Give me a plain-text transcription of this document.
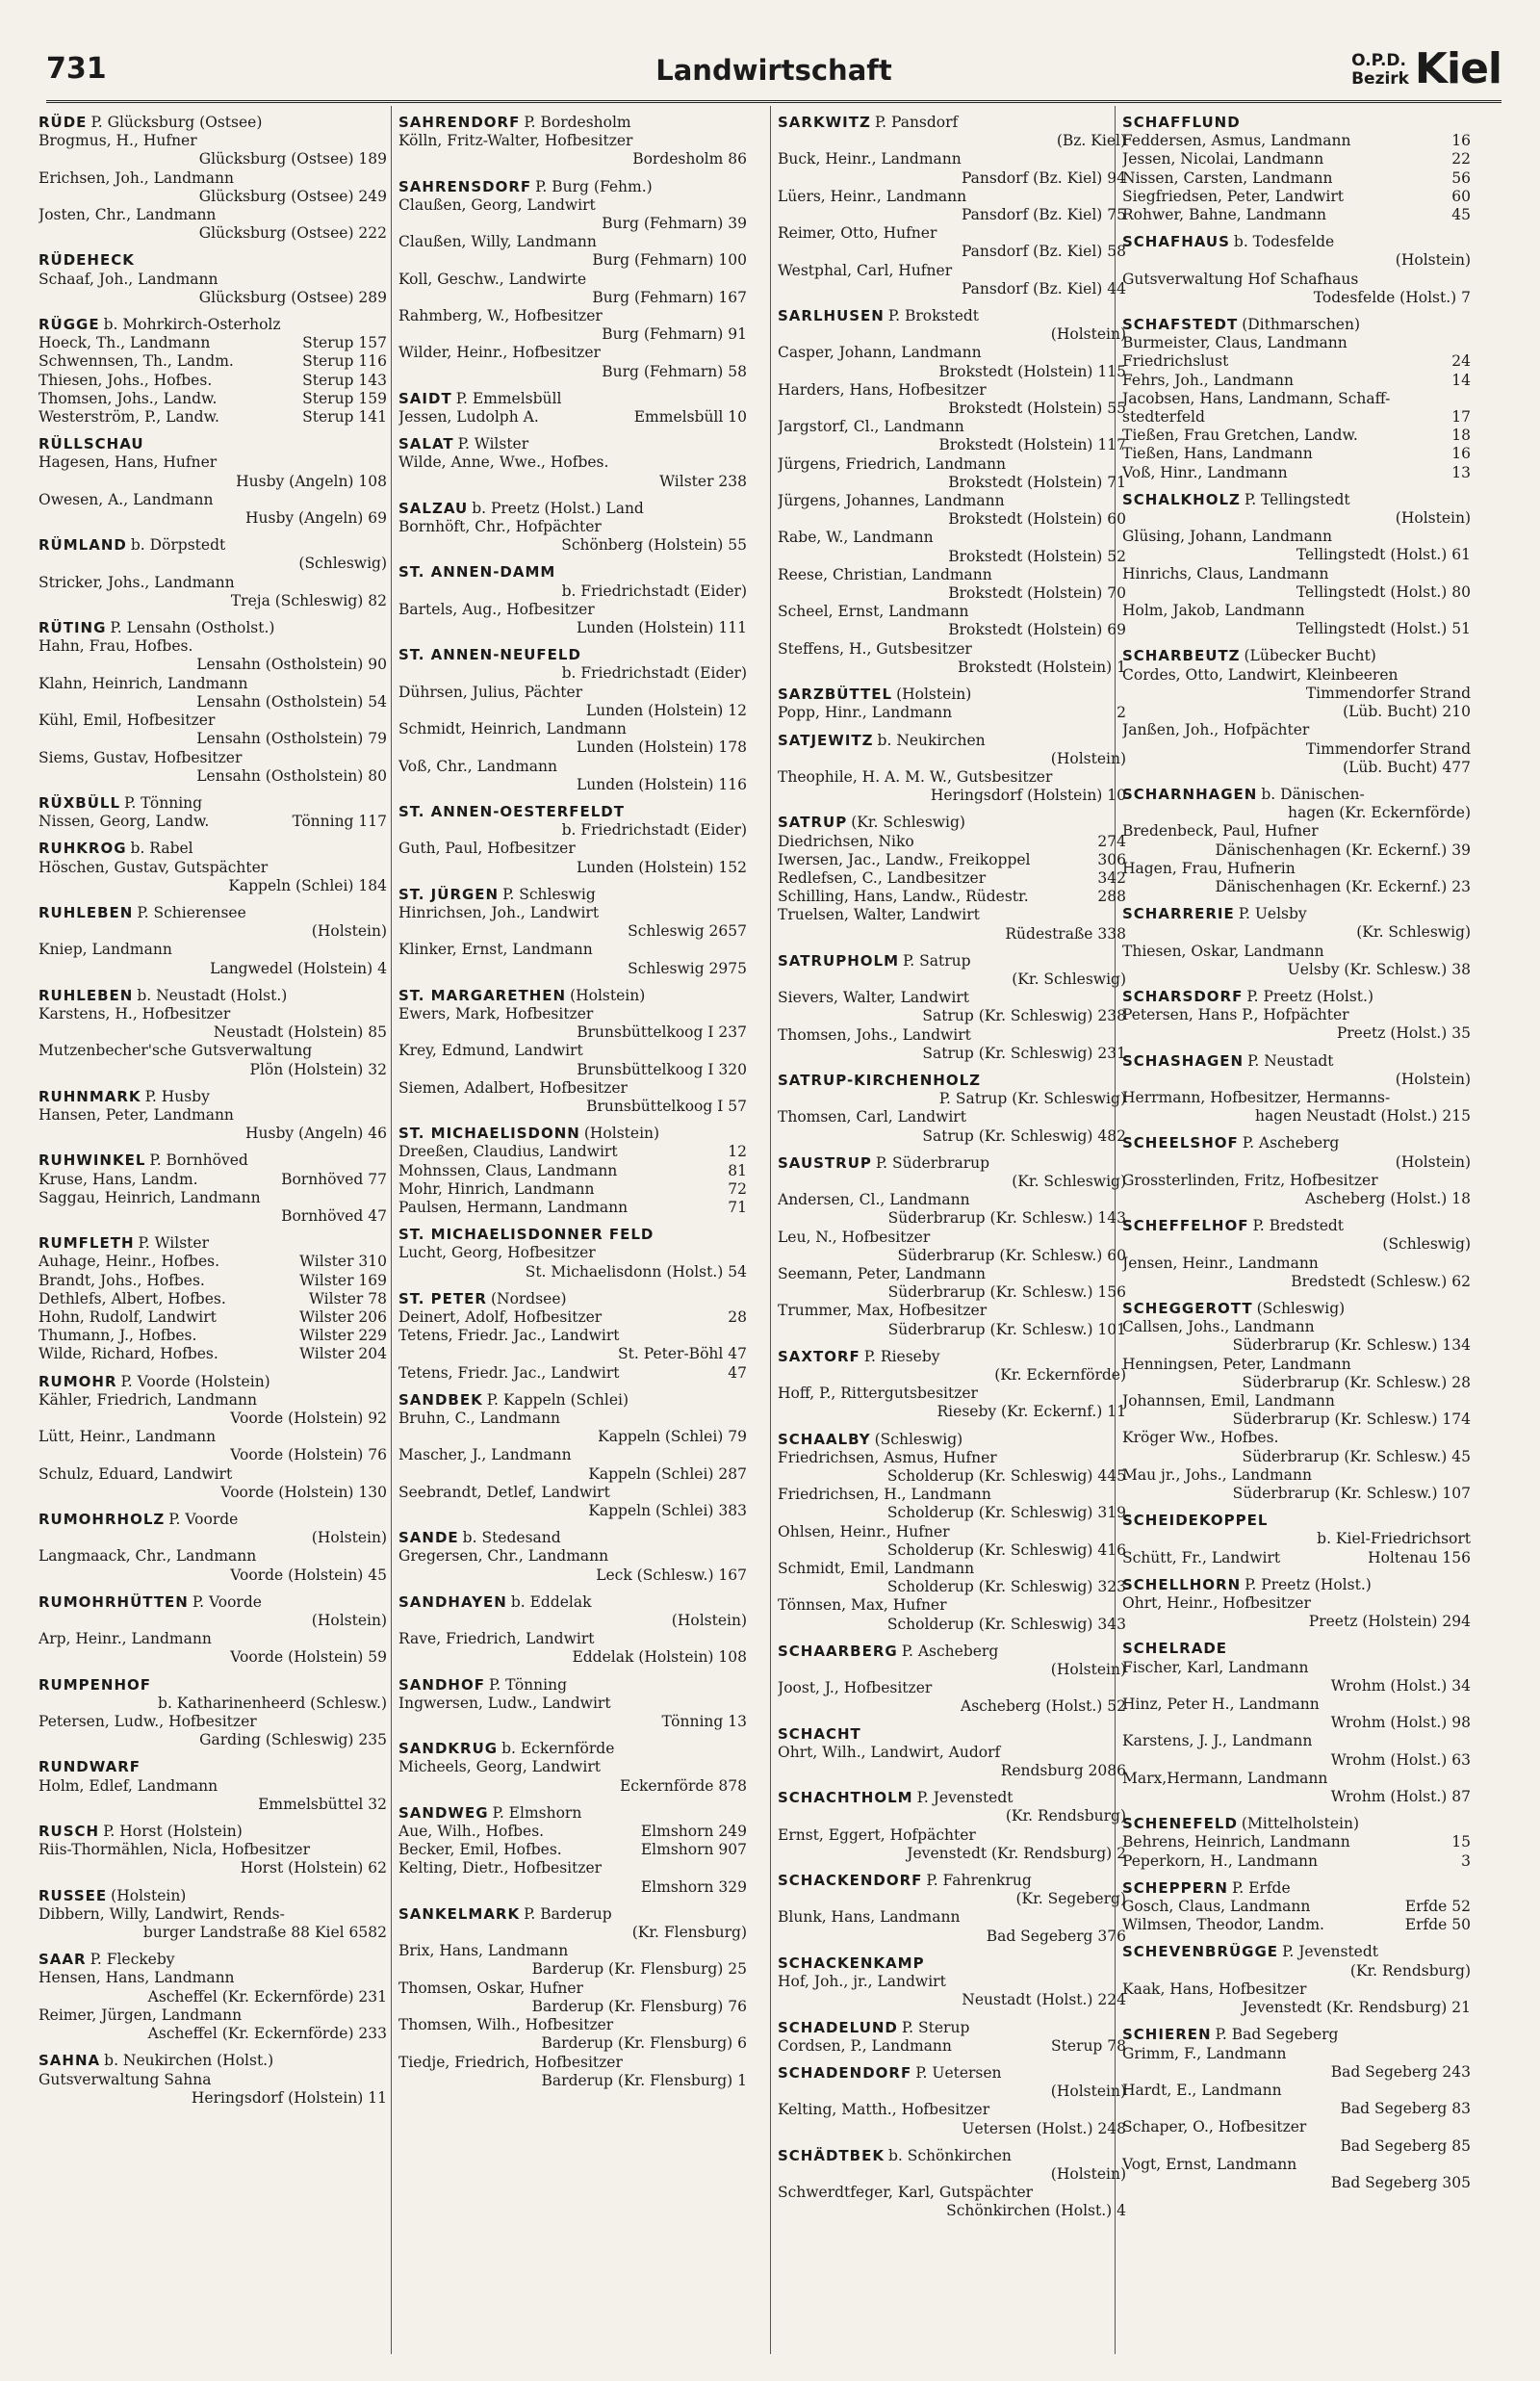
731	Landwirtschaft	O.P.D.
Bezirk Kiel
RÜDE P. Glücksburg (Ostsee)
Brogmus, H., Hufner
Glücksburg (Ostsee) 189
Erichsen, Joh., Landmann
Glücksburg (Ostsee) 249
Josten, Chr., Landmann
Glücksburg (Ostsee) 222
RÜDEHECK
Schaaf, Joh., Landmann
Glücksburg (Ostsee) 289
RÜGGE b. Mohrkirch-Osterholz
Hoeck, Th., Landmann	Sterup 157
Schwennsen, Th., Landm.	Sterup 116
Thiesen, Johs., Hofbes.	Sterup 143
Thomsen, Johs., Landw.	Sterup 159
Westerström, P., Landw.	Sterup 141
RÜLLSCHAU
Hagesen, Hans, Hufner
Husby (Angeln) 108
Owesen, A., Landmann
Husby (Angeln) 69
RÜMLAND b. Dörpstedt
(Schleswig)
Stricker, Johs., Landmann
Treja (Schleswig) 82
RÜTING P. Lensahn (Ostholst.)
Hahn, Frau, Hofbes.
Lensahn (Ostholstein) 90
Klahn, Heinrich, Landmann
Lensahn (Ostholstein) 54
Kühl, Emil, Hofbesitzer
Lensahn (Ostholstein) 79
Siems, Gustav, Hofbesitzer
Lensahn (Ostholstein) 80
RÜXBÜLL P. Tönning
Nissen, Georg, Landw.	Tönning 117
RUHKROG b. Rabel
Höschen, Gustav, Gutspächter
Kappeln (Schlei) 184
RUHLEBEN P. Schierensee
(Holstein)
Kniep, Landmann
Langwedel (Holstein) 4
RUHLEBEN b. Neustadt (Holst.)
Karstens, H., Hofbesitzer
Neustadt (Holstein) 85
Mutzenbecher'sche Gutsverwaltung
Plön (Holstein) 32
RUHNMARK P. Husby
Hansen, Peter, Landmann
Husby (Angeln) 46
RUHWINKEL P. Bornhöved
Kruse, Hans, Landm.	Bornhöved 77
Saggau, Heinrich, Landmann
Bornhöved 47
RUMFLETH P. Wilster
Auhage, Heinr., Hofbes.	Wilster 310
Brandt, Johs., Hofbes.	Wilster 169
Dethlefs, Albert, Hofbes.	Wilster 78
Hohn, Rudolf, Landwirt	Wilster 206
Thumann, J., Hofbes.	Wilster 229
Wilde, Richard, Hofbes.	Wilster 204
RUMOHR P. Voorde (Holstein)
Kähler, Friedrich, Landmann
Voorde (Holstein) 92
Lütt, Heinr., Landmann
Voorde (Holstein) 76
Schulz, Eduard, Landwirt
Voorde (Holstein) 130
RUMOHRHOLZ P. Voorde
(Holstein)
Langmaack, Chr., Landmann
Voorde (Holstein) 45
RUMOHRHÜTTEN P. Voorde
(Holstein)
Arp, Heinr., Landmann
Voorde (Holstein) 59
RUMPENHOF
b. Katharinenheerd (Schlesw.)
Petersen, Ludw., Hofbesitzer
Garding (Schleswig) 235
RUNDWARF
Holm, Edlef, Landmann
Emmelsbüttel 32
RUSCH P. Horst (Holstein)
Riis-Thormählen, Nicla, Hofbesitzer
Horst (Holstein) 62
RUSSEE (Holstein)
Dibbern, Willy, Landwirt, Rends-
burger Landstraße 88 Kiel 6582
SAAR P. Fleckeby
Hensen, Hans, Landmann
Ascheffel (Kr. Eckernförde) 231
Reimer, Jürgen, Landmann
Ascheffel (Kr. Eckernförde) 233
SAHNA b. Neukirchen (Holst.)
Gutsverwaltung Sahna
Heringsdorf (Holstein) 11
SAHRENDORF P. Bordesholm
Kölln, Fritz-Walter, Hofbesitzer
Bordesholm 86
SAHRENSDORF P. Burg (Fehm.)
Claußen, Georg, Landwirt
Burg (Fehmarn) 39
Claußen, Willy, Landmann
Burg (Fehmarn) 100
Koll, Geschw., Landwirte
Burg (Fehmarn) 167
Rahmberg, W., Hofbesitzer
Burg (Fehmarn) 91
Wilder, Heinr., Hofbesitzer
Burg (Fehmarn) 58
SAIDT P. Emmelsbüll
Jessen, Ludolph A.	Emmelsbüll 10
SALAT P. Wilster
Wilde, Anne, Wwe., Hofbes.
Wilster 238
SALZAU b. Preetz (Holst.) Land
Bornhöft, Chr., Hofpächter
Schönberg (Holstein) 55
ST. ANNEN-DAMM
b. Friedrichstadt (Eider)
Bartels, Aug., Hofbesitzer
Lunden (Holstein) 111
ST. ANNEN-NEUFELD
b. Friedrichstadt (Eider)
Dührsen, Julius, Pächter
Lunden (Holstein) 12
Schmidt, Heinrich, Landmann
Lunden (Holstein) 178
Voß, Chr., Landmann
Lunden (Holstein) 116
ST. ANNEN-OESTERFELDT
b. Friedrichstadt (Eider)
Guth, Paul, Hofbesitzer
Lunden (Holstein) 152
ST. JÜRGEN P. Schleswig
Hinrichsen, Joh., Landwirt
Schleswig 2657
Klinker, Ernst, Landmann
Schleswig 2975
ST. MARGARETHEN (Holstein)
Ewers, Mark, Hofbesitzer
Brunsbüttelkoog I 237
Krey, Edmund, Landwirt
Brunsbüttelkoog I 320
Siemen, Adalbert, Hofbesitzer
Brunsbüttelkoog I 57
ST. MICHAELISDONN (Holstein)
Dreeßen, Claudius, Landwirt	12
Mohnssen, Claus, Landmann	81
Mohr, Hinrich, Landmann	72
Paulsen, Hermann, Landmann	71
ST. MICHAELISDONNER FELD
Lucht, Georg, Hofbesitzer
St. Michaelisdonn (Holst.) 54
ST. PETER (Nordsee)
Deinert, Adolf, Hofbesitzer	28
Tetens, Friedr. Jac., Landwirt
St. Peter-Böhl 47
Tetens, Friedr. Jac., Landwirt	47
SANDBEK P. Kappeln (Schlei)
Bruhn, C., Landmann
Kappeln (Schlei) 79
Mascher, J., Landmann
Kappeln (Schlei) 287
Seebrandt, Detlef, Landwirt
Kappeln (Schlei) 383
SANDE b. Stedesand
Gregersen, Chr., Landmann
Leck (Schlesw.) 167
SANDHAYEN b. Eddelak
(Holstein)
Rave, Friedrich, Landwirt
Eddelak (Holstein) 108
SANDHOF P. Tönning
Ingwersen, Ludw., Landwirt
Tönning 13
SANDKRUG b. Eckernförde
Micheels, Georg, Landwirt
Eckernförde 878
SANDWEG P. Elmshorn
Aue, Wilh., Hofbes.	Elmshorn 249
Becker, Emil, Hofbes.	Elmshorn 907
Kelting, Dietr., Hofbesitzer
Elmshorn 329
SANKELMARK P. Barderup
(Kr. Flensburg)
Brix, Hans, Landmann
Barderup (Kr. Flensburg) 25
Thomsen, Oskar, Hufner
Barderup (Kr. Flensburg) 76
Thomsen, Wilh., Hofbesitzer
Barderup (Kr. Flensburg) 6
Tiedje, Friedrich, Hofbesitzer
Barderup (Kr. Flensburg) 1
SARKWITZ P. Pansdorf
(Bz. Kiel)
Buck, Heinr., Landmann
Pansdorf (Bz. Kiel) 94
Lüers, Heinr., Landmann
Pansdorf (Bz. Kiel) 75
Reimer, Otto, Hufner
Pansdorf (Bz. Kiel) 58
Westphal, Carl, Hufner
Pansdorf (Bz. Kiel) 44
SARLHUSEN P. Brokstedt
(Holstein)
Casper, Johann, Landmann
Brokstedt (Holstein) 115
Harders, Hans, Hofbesitzer
Brokstedt (Holstein) 55
Jargstorf, Cl., Landmann
Brokstedt (Holstein) 117
Jürgens, Friedrich, Landmann
Brokstedt (Holstein) 71
Jürgens, Johannes, Landmann
Brokstedt (Holstein) 60
Rabe, W., Landmann
Brokstedt (Holstein) 52
Reese, Christian, Landmann
Brokstedt (Holstein) 70
Scheel, Ernst, Landmann
Brokstedt (Holstein) 69
Steffens, H., Gutsbesitzer
Brokstedt (Holstein) 1
SARZBÜTTEL (Holstein)
Popp, Hinr., Landmann	2
SATJEWITZ b. Neukirchen
(Holstein)
Theophile, H. A. M. W., Gutsbesitzer
Heringsdorf (Holstein) 10
SATRUP (Kr. Schleswig)
Diedrichsen, Niko	274
Iwersen, Jac., Landw., Freikoppel	306
Redlefsen, C., Landbesitzer	342
Schilling, Hans, Landw., Rüdestr.	288
Truelsen, Walter, Landwirt
Rüdestraße 338
SATRUPHOLM P. Satrup
(Kr. Schleswig)
Sievers, Walter, Landwirt
Satrup (Kr. Schleswig) 238
Thomsen, Johs., Landwirt
Satrup (Kr. Schleswig) 231
SATRUP-KIRCHENHOLZ
P. Satrup (Kr. Schleswig)
Thomsen, Carl, Landwirt
Satrup (Kr. Schleswig) 482
SAUSTRUP P. Süderbrarup
(Kr. Schleswig)
Andersen, Cl., Landmann
Süderbrarup (Kr. Schlesw.) 143
Leu, N., Hofbesitzer
Süderbrarup (Kr. Schlesw.) 60
Seemann, Peter, Landmann
Süderbrarup (Kr. Schlesw.) 156
Trummer, Max, Hofbesitzer
Süderbrarup (Kr. Schlesw.) 101
SAXTORF P. Rieseby
(Kr. Eckernförde)
Hoff, P., Rittergutsbesitzer
Rieseby (Kr. Eckernf.) 11
SCHAALBY (Schleswig)
Friedrichsen, Asmus, Hufner
Scholderup (Kr. Schleswig) 445
Friedrichsen, H., Landmann
Scholderup (Kr. Schleswig) 319
Ohlsen, Heinr., Hufner
Scholderup (Kr. Schleswig) 416
Schmidt, Emil, Landmann
Scholderup (Kr. Schleswig) 323
Tönnsen, Max, Hufner
Scholderup (Kr. Schleswig) 343
SCHAARBERG P. Ascheberg
(Holstein)
Joost, J., Hofbesitzer
Ascheberg (Holst.) 52
SCHACHT
Ohrt, Wilh., Landwirt, Audorf
Rendsburg 2086
SCHACHTHOLM P. Jevenstedt
(Kr. Rendsburg)
Ernst, Eggert, Hofpächter
Jevenstedt (Kr. Rendsburg) 2
SCHACKENDORF P. Fahrenkrug
(Kr. Segeberg)
Blunk, Hans, Landmann
Bad Segeberg 376
SCHACKENKAMP
Hof, Joh., jr., Landwirt
Neustadt (Holst.) 224
SCHADELUND P. Sterup
Cordsen, P., Landmann	Sterup 78
SCHADENDORF P. Uetersen
(Holstein)
Kelting, Matth., Hofbesitzer
Uetersen (Holst.) 248
SCHÄDTBEK b. Schönkirchen
(Holstein)
Schwerdtfeger, Karl, Gutspächter
Schönkirchen (Holst.) 4
SCHAFFLUND
Feddersen, Asmus, Landmann	16
Jessen, Nicolai, Landmann	22
Nissen, Carsten, Landmann	56
Siegfriedsen, Peter, Landwirt	60
Rohwer, Bahne, Landmann	45
SCHAFHAUS b. Todesfelde
(Holstein)
Gutsverwaltung Hof Schafhaus
Todesfelde (Holst.) 7
SCHAFSTEDT (Dithmarschen)
Burmeister, Claus, Landmann
Friedrichslust	24
Fehrs, Joh., Landmann	14
Jacobsen, Hans, Landmann, Schaff-
stedterfeld	17
Tießen, Frau Gretchen, Landw.	18
Tießen, Hans, Landmann	16
Voß, Hinr., Landmann	13
SCHALKHOLZ P. Tellingstedt
(Holstein)
Glüsing, Johann, Landmann
Tellingstedt (Holst.) 61
Hinrichs, Claus, Landmann
Tellingstedt (Holst.) 80
Holm, Jakob, Landmann
Tellingstedt (Holst.) 51
SCHARBEUTZ (Lübecker Bucht)
Cordes, Otto, Landwirt, Kleinbeeren
Timmendorfer Strand
(Lüb. Bucht) 210
Janßen, Joh., Hofpächter
Timmendorfer Strand
(Lüb. Bucht) 477
SCHARNHAGEN b. Dänischen-
hagen (Kr. Eckernförde)
Bredenbeck, Paul, Hufner
Dänischenhagen (Kr. Eckernf.) 39
Hagen, Frau, Hufnerin
Dänischenhagen (Kr. Eckernf.) 23
SCHARRERIE P. Uelsby
(Kr. Schleswig)
Thiesen, Oskar, Landmann
Uelsby (Kr. Schlesw.) 38
SCHARSDORF P. Preetz (Holst.)
Petersen, Hans P., Hofpächter
Preetz (Holst.) 35
SCHASHAGEN P. Neustadt
(Holstein)
Herrmann, Hofbesitzer, Hermanns-
hagen Neustadt (Holst.) 215
SCHEELSHOF P. Ascheberg
(Holstein)
Grossterlinden, Fritz, Hofbesitzer
Ascheberg (Holst.) 18
SCHEFFELHOF P. Bredstedt
(Schleswig)
Jensen, Heinr., Landmann
Bredstedt (Schlesw.) 62
SCHEGGEROTT (Schleswig)
Callsen, Johs., Landmann
Süderbrarup (Kr. Schlesw.) 134
Henningsen, Peter, Landmann
Süderbrarup (Kr. Schlesw.) 28
Johannsen, Emil, Landmann
Süderbrarup (Kr. Schlesw.) 174
Kröger Ww., Hofbes.
Süderbrarup (Kr. Schlesw.) 45
Mau jr., Johs., Landmann
Süderbrarup (Kr. Schlesw.) 107
SCHEIDEKOPPEL
b. Kiel-Friedrichsort
Schütt, Fr., Landwirt	Holtenau 156
SCHELLHORN P. Preetz (Holst.)
Ohrt, Heinr., Hofbesitzer
Preetz (Holstein) 294
SCHELRADE
Fischer, Karl, Landmann
Wrohm (Holst.) 34
Hinz, Peter H., Landmann
Wrohm (Holst.) 98
Karstens, J. J., Landmann
Wrohm (Holst.) 63
Marx,Hermann, Landmann
Wrohm (Holst.) 87
SCHENEFELD (Mittelholstein)
Behrens, Heinrich, Landmann	15
Peperkorn, H., Landmann	3
SCHEPPERN P. Erfde
Gosch, Claus, Landmann	Erfde 52
Wilmsen, Theodor, Landm.	Erfde 50
SCHEVENBRÜGGE P. Jevenstedt
(Kr. Rendsburg)
Kaak, Hans, Hofbesitzer
Jevenstedt (Kr. Rendsburg) 21
SCHIEREN P. Bad Segeberg
Grimm, F., Landmann
Bad Segeberg 243
Hardt, E., Landmann
Bad Segeberg 83
Schaper, O., Hofbesitzer
Bad Segeberg 85
Vogt, Ernst, Landmann
Bad Segeberg 305
